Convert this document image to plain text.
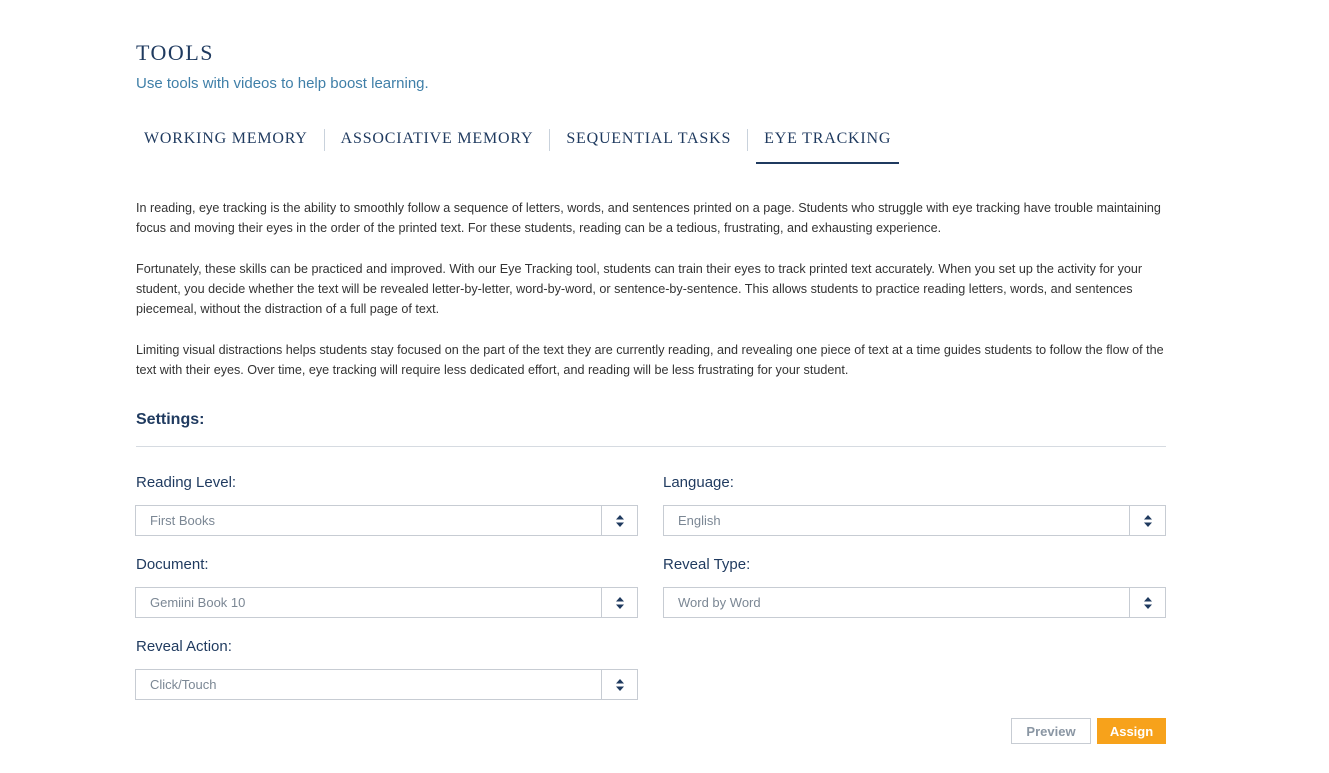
TOOLS
Use tools with videos to help boost learning.
WORKING MEMORY	ASSOCIATIVE MEMORY	SEQUENTIAL TASKS	EYE TRACKING

In reading, eye tracking is the ability to smoothly follow a sequence of letters, words, and sentences printed on a page. Students who struggle with eye tracking have trouble maintaining focus and moving their eyes in the order of the printed text. For these students, reading can be a tedious, frustrating, and exhausting experience.

Fortunately, these skills can be practiced and improved. With our Eye Tracking tool, students can train their eyes to track printed text accurately. When you set up the activity for your student, you decide whether the text will be revealed letter-by-letter, word-by-word, or sentence-by-sentence. This allows students to practice reading letters, words, and sentences piecemeal, without the distraction of a full page of text.

Limiting visual distractions helps students stay focused on the part of the text they are currently reading, and revealing one piece of text at a time guides students to follow the flow of the text with their eyes. Over time, eye tracking will require less dedicated effort, and reading will be less frustrating for your student.

Settings:
Reading Level:
First Books
Language:
English
Document:
Gemiini Book 10
Reveal Type:
Word by Word
Reveal Action:
Click/Touch
Preview	Assign
